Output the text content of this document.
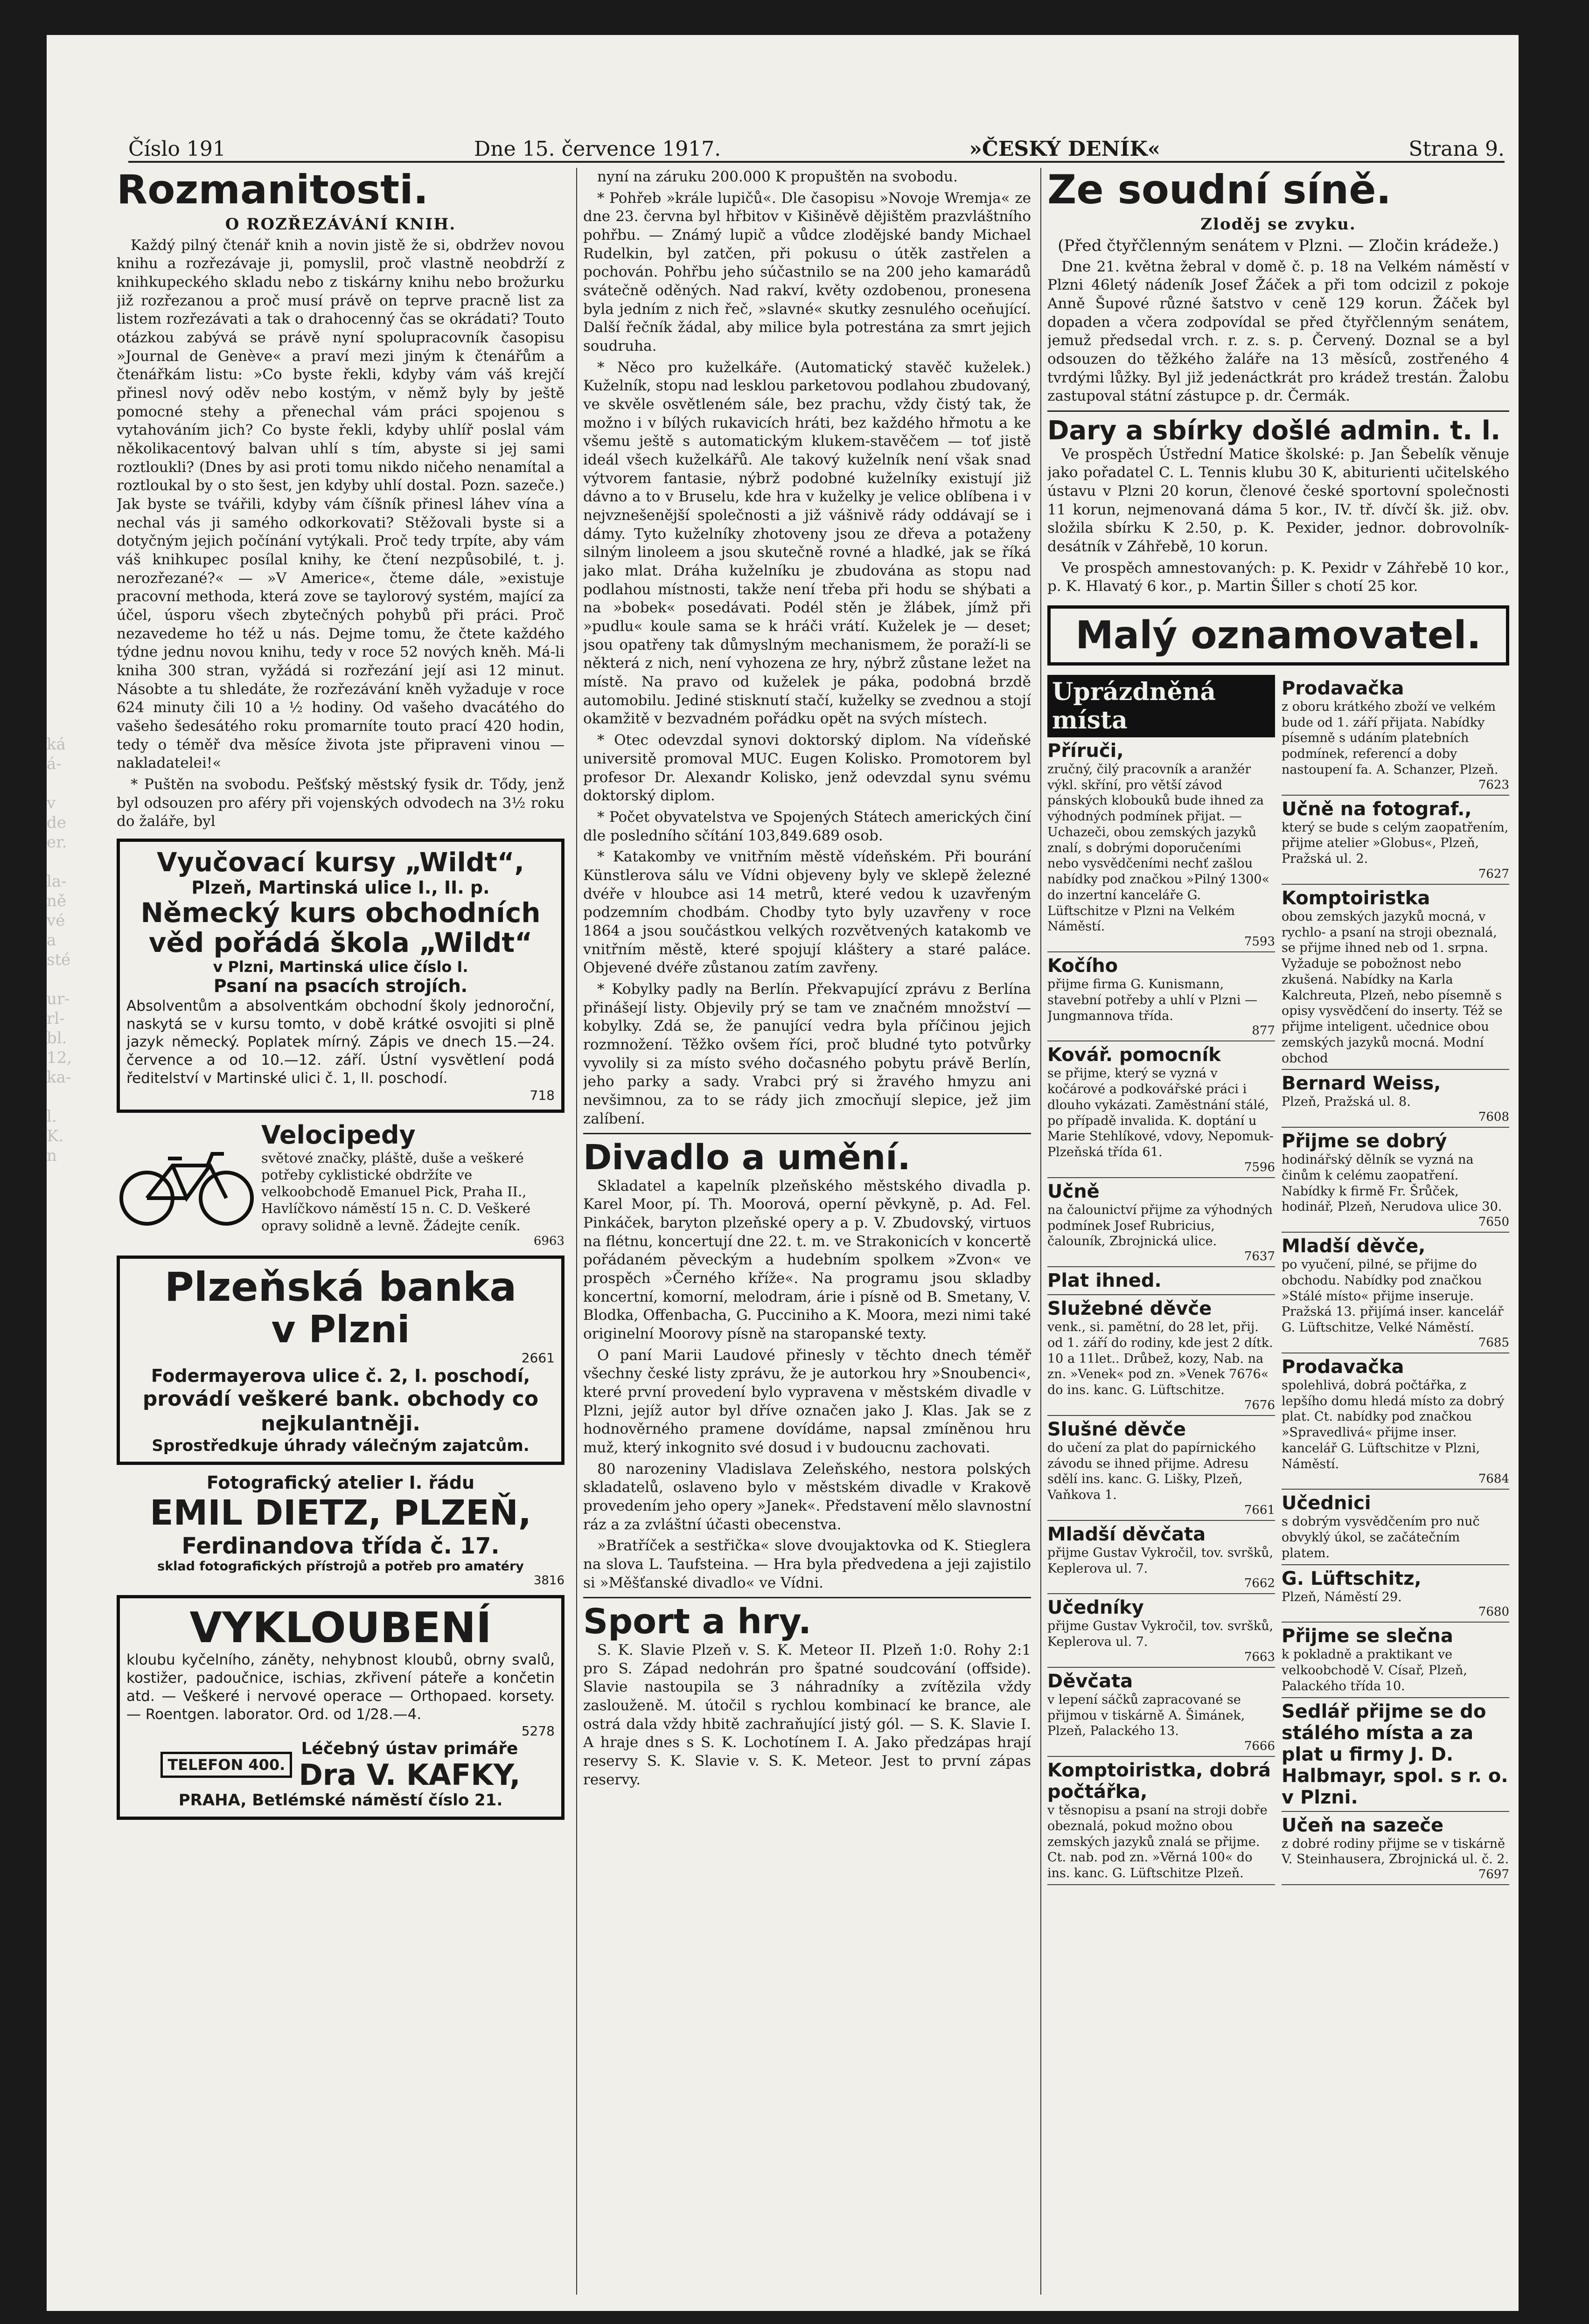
ká
á-

v
de
er.

la-
ně
vé
a
sté

ur-
rl-
bl.
12,
ka-

l.
K.
n
Číslo 191	Dne 15. července 1917.	»ČESKÝ DENÍK«	Strana 9.
Rozmanitosti.
O ROZŘEZÁVÁNÍ KNIH.

Každý pilný čtenář knih a novin jistě že si, obdržev novou knihu a rozřezávaje ji, pomyslil, proč vlastně neobdrží z knihkupeckého skladu nebo z tiskárny knihu nebo brožurku již rozřezanou a proč musí právě on teprve pracně list za listem rozřezávati a tak o drahocenný čas se okrádati? Touto otázkou zabývá se právě nyní spolupracovník časopisu »Journal de Genève« a praví mezi jiným k čtenářům a čtenářkám listu: »Co byste řekli, kdyby vám váš krejčí přinesl nový oděv nebo kostým, v němž byly by ještě pomocné stehy a přenechal vám práci spojenou s vytahováním jich? Co byste řekli, kdyby uhlíř poslal vám několikacentový balvan uhlí s tím, abyste si jej sami roztloukli? (Dnes by asi proti tomu nikdo ničeho nenamítal a roztloukal by o sto šest, jen kdyby uhlí dostal. Pozn. sazeče.) Jak byste se tvářili, kdyby vám číšník přinesl láhev vína a nechal vás ji samého odkorkovati? Stěžovali byste si a dotyčným jejich počínání vytýkali. Proč tedy trpíte, aby vám váš knihkupec posílal knihy, ke čtení nezpůsobilé, t. j. nerozřezané?« — »V Americe«, čteme dále, »existuje pracovní methoda, která zove se taylorový systém, mající za účel, úsporu všech zbytečných pohybů při práci. Proč nezavedeme ho též u nás. Dejme tomu, že čtete každého týdne jednu novou knihu, tedy v roce 52 nových kněh. Má-li kniha 300 stran, vyžádá si rozřezání její asi 12 minut. Násobte a tu shledáte, že rozřezávání kněh vyžaduje v roce 624 minuty čili 10 a ½ hodiny. Od vašeho dvacátého do vašeho šedesátého roku promarníte touto prací 420 hodin, tedy o téměř dva měsíce života jste připraveni vinou — nakladatelei!«

* Puštěn na svobodu. Pešťský městský fysik dr. Tődy, jenž byl odsouzen pro aféry při vojenských odvodech na 3½ roku do žaláře, byl

Vyučovací kursy „Wildt“,
Plzeň, Martinská ulice I., II. p.
Německý kurs obchodních věd pořádá škola „Wildt“
v Plzni, Martinská ulice číslo I.
Psaní na psacích strojích.
Absolventům a absolventkám obchodní školy jednoroční, naskytá se v kursu tomto, v době krátké osvojiti si plně jazyk německý. Poplatek mírný. Zápis ve dnech 15.—24. července a od 10.—12. září. Ústní vysvětlení podá ředitelství v Martinské ulici č. 1, II. poschodí.
718
Velocipedy
světové značky, pláště, duše a veškeré potřeby cyklistické obdržíte ve velkoobchodě Emanuel Pick, Praha II., Havlíčkovo náměstí 15 n. C. D. Veškeré opravy solidně a levně. Žádejte ceník.
6963
Plzeňská banka
v Plzni
2661
Fodermayerova ulice č. 2, I. poschodí,
provádí veškeré bank. obchody co nejkulantněji.
Sprostředkuje úhrady válečným zajatcům.
Fotografický atelier I. řádu
EMIL DIETZ, PLZEŇ,
Ferdinandova třída č. 17.
sklad fotografických přístrojů a potřeb pro amatéry
3816
VYKLOUBENÍ
kloubu kyčelního, záněty, nehybnost kloubů, obrny svalů, kostižer, padoučnice, ischias, zkřivení páteře a končetin atd. — Veškeré i nervové operace — Orthopaed. korsety. — Roentgen. laborator. Ord. od 1/28.—4.
5278
TELEFON 400.
Léčebný ústav primáře
Dra V. KAFKY,
PRAHA, Betlémské náměstí číslo 21.

nyní na záruku 200.000 K propuštěn na svobodu.

* Pohřeb »krále lupičů«. Dle časopisu »Novoje Wremja« ze dne 23. června byl hřbitov v Kišiněvě dějištěm prazvláštního pohřbu. — Známý lupič a vůdce zlodějské bandy Michael Rudelkin, byl zatčen, při pokusu o útěk zastřelen a pochován. Pohřbu jeho súčastnilo se na 200 jeho kamarádů svátečně oděných. Nad rakví, květy ozdobenou, pronesena byla jedním z nich řeč, »slavné« skutky zesnulého oceňující. Další řečník žádal, aby milice byla potrestána za smrt jejich soudruha.

* Něco pro kuželkáře. (Automatický stavěč kuželek.) Kuželník, stopu nad lesklou parketovou podlahou zbudovaný, ve skvěle osvětleném sále, bez prachu, vždy čistý tak, že možno i v bílých rukavicích hráti, bez každého hřmotu a ke všemu ještě s automatickým klukem-stavěčem — toť jistě ideál všech kuželkářů. Ale takový kuželník není však snad výtvorem fantasie, nýbrž podobné kuželníky existují již dávno a to v Bruselu, kde hra v kuželky je velice oblíbena i v nejvznešenější společnosti a již vášnivě rády oddávají se i dámy. Tyto kuželníky zhotoveny jsou ze dřeva a potaženy silným linoleem a jsou skutečně rovné a hladké, jak se říká jako mlat. Dráha kuželníku je zbudována as stopu nad podlahou místnosti, takže není třeba při hodu se shýbati a na »bobek« posedávati. Podél stěn je žlábek, jímž při »pudlu« koule sama se k hráči vrátí. Kuželek je — deset; jsou opatřeny tak důmyslným mechanismem, že poraží-li se některá z nich, není vyhozena ze hry, nýbrž zůstane ležet na místě. Na pravo od kuželek je páka, podobná brzdě automobilu. Jediné stisknutí stačí, kuželky se zvednou a stojí okamžitě v bezvadném pořádku opět na svých místech.

* Otec odevzdal synovi doktorský diplom. Na vídeňské universitě promoval MUC. Eugen Kolisko. Promotorem byl profesor Dr. Alexandr Kolisko, jenž odevzdal synu svému doktorský diplom.

* Počet obyvatelstva ve Spojených Státech amerických činí dle posledního sčítání 103,849.689 osob.

* Katakomby ve vnitřním městě vídeňském. Při bourání Künstlerova sálu ve Vídni objeveny byly ve sklepě železné dvéře v hloubce asi 14 metrů, které vedou k uzavřeným podzemním chodbám. Chodby tyto byly uzavřeny v roce 1864 a jsou součástkou velkých rozvětvených katakomb ve vnitřním městě, které spojují kláštery a staré paláce. Objevené dvéře zůstanou zatím zavřeny.

* Kobylky padly na Berlín. Překvapující zprávu z Berlína přinášejí listy. Objevily prý se tam ve značném množství — kobylky. Zdá se, že panující vedra byla příčinou jejich rozmnožení. Těžko ovšem říci, proč bludné tyto potvůrky vyvolily si za místo svého dočasného pobytu právě Berlín, jeho parky a sady. Vrabci prý si žravého hmyzu ani nevšimnou, za to se rády jich zmocňují slepice, jež jim zalíbení.

Divadlo a umění.

Skladatel a kapelník plzeňského městského divadla p. Karel Moor, pí. Th. Moorová, operní pěvkyně, p. Ad. Fel. Pinkáček, baryton plzeňské opery a p. V. Zbudovský, virtuos na flétnu, koncertují dne 22. t. m. ve Strakonicích v koncertě pořádaném pěveckým a hudebním spolkem »Zvon« ve prospěch »Černého kříže«. Na programu jsou skladby koncertní, komorní, melodram, árie i písně od B. Smetany, V. Blodka, Offenbacha, G. Pucciniho a K. Moora, mezi nimi také originelní Moorovy písně na staropanské texty.

O paní Marii Laudové přinesly v těchto dnech téměř všechny české listy zprávu, že je autorkou hry »Snoubenci«, které první provedení bylo vypravena v městském divadle v Plzni, jejíž autor byl dříve označen jako J. Klas. Jak se z hodnověrného pramene dovídáme, napsal zmíněnou hru muž, který inkognito své dosud i v budoucnu zachovati.

80 narozeniny Vladislava Zeleňského, nestora polských skladatelů, oslaveno bylo v městském divadle v Krakově provedením jeho opery »Janek«. Představení mělo slavnostní ráz a za zvláštní účasti obecenstva.

»Bratříček a sestřička« slove dvoujaktovka od K. Stieglera na slova L. Taufsteina. — Hra byla předvedena a jeji zajistilo si »Měšťanské divadlo« ve Vídni.

Sport a hry.

S. K. Slavie Plzeň v. S. K. Meteor II. Plzeň 1:0. Rohy 2:1 pro S. Západ nedohrán pro špatné soudcování (offside). Slavie nastoupila se 3 náhradníky a zvítězila vždy zaslouženě. M. útočil s rychlou kombinací ke brance, ale ostrá dala vždy hbitě zachraňující jistý gól. — S. K. Slavie I. A hraje dnes s S. K. Lochotínem I. A. Jako předzápas hrají reservy S. K. Slavie v. S. K. Meteor. Jest to první zápas reservy.

Ze soudní síně.
Zloděj se zvyku.
(Před čtyřčlenným senátem v Plzni. — Zločin krádeže.)

Dne 21. května žebral v domě č. p. 18 na Velkém náměstí v Plzni 46letý nádeník Josef Žáček a při tom odcizil z pokoje Anně Šupové různé šatstvo v ceně 129 korun. Žáček byl dopaden a včera zodpovídal se před čtyřčlenným senátem, jemuž předsedal vrch. r. z. s. p. Červený. Doznal se a byl odsouzen do těžkého žaláře na 13 měsíců, zostřeného 4 tvrdými lůžky. Byl již jedenáctkrát pro krádež trestán. Žalobu zastupoval státní zástupce p. dr. Čermák.

Dary a sbírky došlé admin. t. l.

Ve prospěch Ústřední Matice školské: p. Jan Šebelík věnuje jako pořadatel C. L. Tennis klubu 30 K, abiturienti učitelského ústavu v Plzni 20 korun, členové české sportovní společnosti 11 korun, nejmenovaná dáma 5 kor., IV. tř. dívčí šk. již. obv. složila sbírku K 2.50, p. K. Pexider, jednor. dobrovolník-desátník v Záhřebě, 10 korun.

Ve prospěch amnestovaných: p. K. Pexidr v Záhřebě 10 kor., p. K. Hlavatý 6 kor., p. Martin Šiller s chotí 25 kor.

Malý oznamovatel.
Uprázdněná místa
Příruči,
zručný, čilý pracovník a aranžér výkl. skříní, pro větší závod pánských klobouků bude ihned za výhodných podmínek přijat. — Uchazeči, obou zemských jazyků znalí, s dobrými doporučeními nebo vysvědčeními nechť zašlou nabídky pod značkou »Pilný 1300« do inzertní kanceláře G. Lüftschitze v Plzni na Velkém Náměstí.
7593
Kočího
přijme firma G. Kunismann, stavební potřeby a uhlí v Plzni — Jungmannova třída.
877
Kovář. pomocník
se přijme, který se vyzná v kočárové a podkovářské práci i dlouho vykázati. Zaměstnání stálé, po případě invalida. K. doptání u Marie Stehlíkové, vdovy, Nepomuk-Plzeňská třída 61.
7596
Učně
na čalounictví přijme za výhodných podmínek Josef Rubricius, čalouník, Zbrojnická ulice.
7637
Plat ihned.
Služebné děvče
venk., si. pamětní, do 28 let, přij. od 1. září do rodiny, kde jest 2 dítk. 10 a 11let.. Drůbež, kozy, Nab. na zn. »Venek« pod zn. »Venek 7676« do ins. kanc. G. Lüftschitze.
7676
Slušné děvče
do učení za plat do papírnického závodu se ihned přijme. Adresu sdělí ins. kanc. G. Lišky, Plzeň, Vaňkova 1.
7661
Mladší děvčata
přijme Gustav Vykročil, tov. svršků, Keplerova ul. 7.
7662
Učedníky
přijme Gustav Vykročil, tov. svršků, Keplerova ul. 7.
7663
Děvčata
v lepení sáčků zapracované se přijmou v tiskárně A. Šimánek, Plzeň, Palackého 13.
7666
Komptoiristka, dobrá počtářka,
v těsnopisu a psaní na stroji dobře obeznalá, pokud možno obou zemských jazyků znalá se přijme. Ct. nab. pod zn. »Věrná 100« do ins. kanc. G. Lüftschitze Plzeň.
Prodavačka
z oboru krátkého zboží ve velkém bude od 1. září přijata. Nabídky písemně s udáním platebních podmínek, referencí a doby nastoupení fa. A. Schanzer, Plzeň.
7623
Učně na fotograf.,
který se bude s celým zaopatřením, přijme atelier »Globus«, Plzeň, Pražská ul. 2.
7627
Komptoiristka
obou zemských jazyků mocná, v rychlo- a psaní na stroji obeznalá, se přijme ihned neb od 1. srpna. Vyžaduje se pobožnost nebo zkušená. Nabídky na Karla Kalchreuta, Plzeň, nebo písemně s opisy vysvědčení do inserty. Též se přijme inteligent. učednice obou zemských jazyků mocná. Modní obchod
Bernard Weiss,
Plzeň, Pražská ul. 8.
7608
Přijme se dobrý
hodinářský dělník se vyzná na činům k celému zaopatření. Nabídky k firmě Fr. Šrůček, hodinář, Plzeň, Nerudova ulice 30.
7650
Mladší děvče,
po vyučení, pilné, se přijme do obchodu. Nabídky pod značkou »Stálé místo« přijme inseruje. Pražská 13. přijímá inser. kancelář G. Lüftschitze, Velké Náměstí.
7685
Prodavačka
spolehlivá, dobrá počtářka, z lepšího domu hledá místo za dobrý plat. Ct. nabídky pod značkou »Spravedlivá« přijme inser. kancelář G. Lüftschitze v Plzni, Náměstí.
7684
Učednici
s dobrým vysvědčením pro nuč obvyklý úkol, se začátečním platem.
G. Lüftschitz,
Plzeň, Náměstí 29.
7680
Přijme se slečna
k pokladně a praktikant ve velkoobchodě V. Císař, Plzeň, Palackého třída 10.
Sedlář přijme se do stálého místa a za plat u firmy J. D. Halbmayr, spol. s r. o. v Plzni.
Učeň na sazeče
z dobré rodiny přijme se v tiskárně V. Steinhausera, Zbrojnická ul. č. 2.
7697
